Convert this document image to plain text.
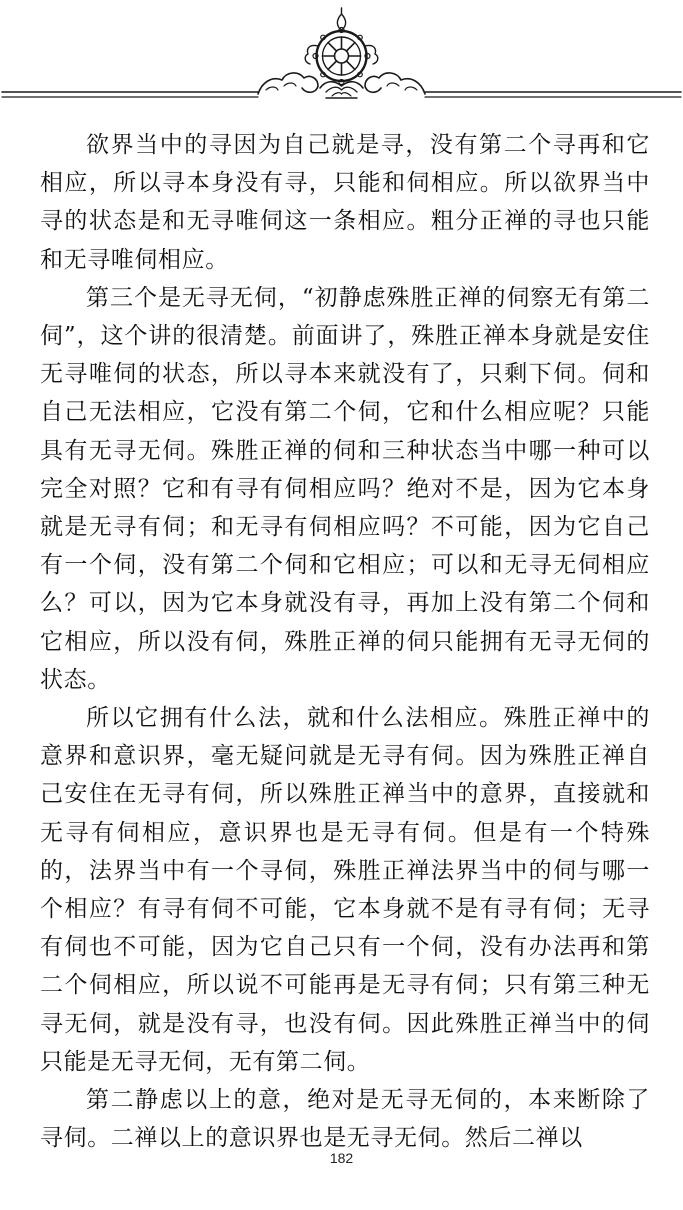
欲界当中的寻因为自己就是寻，没有第二个寻再和它相应，所以寻本身没有寻，只能和伺相应。所以欲界当中寻的状态是和无寻唯伺这一条相应。粗分正禅的寻也只能和无寻唯伺相应。

第三个是无寻无伺，“初静虑殊胜正禅的伺察无有第二伺”，这个讲的很清楚。前面讲了，殊胜正禅本身就是安住无寻唯伺的状态，所以寻本来就没有了，只剩下伺。伺和自己无法相应，它没有第二个伺，它和什么相应呢？只能具有无寻无伺。殊胜正禅的伺和三种状态当中哪一种可以完全对照？它和有寻有伺相应吗？绝对不是，因为它本身就是无寻有伺；和无寻有伺相应吗？不可能，因为它自己有一个伺，没有第二个伺和它相应；可以和无寻无伺相应么？可以，因为它本身就没有寻，再加上没有第二个伺和它相应，所以没有伺，殊胜正禅的伺只能拥有无寻无伺的状态。

所以它拥有什么法，就和什么法相应。殊胜正禅中的意界和意识界，毫无疑问就是无寻有伺。因为殊胜正禅自己安住在无寻有伺，所以殊胜正禅当中的意界，直接就和无寻有伺相应，意识界也是无寻有伺。但是有一个特殊的，法界当中有一个寻伺，殊胜正禅法界当中的伺与哪一个相应？有寻有伺不可能，它本身就不是有寻有伺；无寻有伺也不可能，因为它自己只有一个伺，没有办法再和第二个伺相应，所以说不可能再是无寻有伺；只有第三种无寻无伺，就是没有寻，也没有伺。因此殊胜正禅当中的伺只能是无寻无伺，无有第二伺。

第二静虑以上的意，绝对是无寻无伺的，本来断除了寻伺。二禅以上的意识界也是无寻无伺。然后二禅以

182
